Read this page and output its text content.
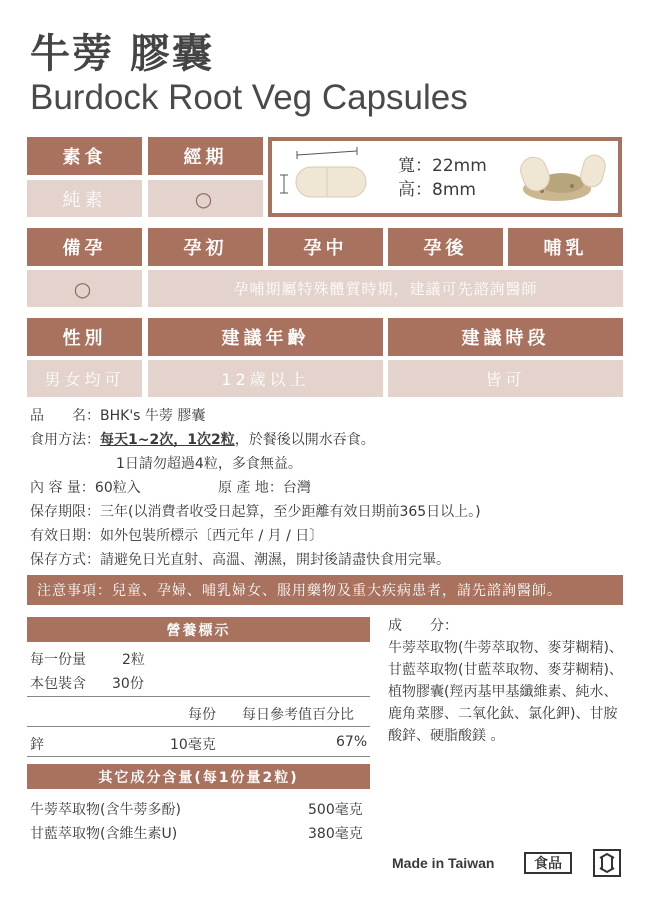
牛蒡 膠囊
Burdock Root Veg Capsules
素食
純素
經期
○
寬：22mm
高：8mm
備孕	孕初	孕中	孕後	哺乳
○	孕哺期屬特殊體質時期，建議可先諮詢醫師
性別	建議年齡	建議時段
男女均可	12歲以上	皆可
品　　名：BHK's 牛蒡 膠囊
食用方法：每天1~2次，1次2粒，於餐後以開水吞食。
1日請勿超過4粒，多食無益。
內 容 量：60粒入	原 產 地：台灣
保存期限：三年(以消費者收受日起算，至少距離有效日期前365日以上。)
有效日期：如外包裝所標示〔西元年 / 月 / 日〕
保存方式：請避免日光直射、高溫、潮濕，開封後請盡快食用完畢。
注意事項：兒童、孕婦、哺乳婦女、服用藥物及重大疾病患者，請先諮詢醫師。
營養標示
每一份量	2粒
本包裝含 30份
每份 每日參考值百分比
鋅	10毫克	67%
其它成分含量(每1份量2粒)
牛蒡萃取物(含牛蒡多酚)	500毫克
甘藍萃取物(含維生素U)	380毫克
成　　分：
牛蒡萃取物(牛蒡萃取物、麥芽糊精)、甘藍萃取物(甘藍萃取物、麥芽糊精)、植物膠囊(羥丙基甲基纖維素、純水、鹿角菜膠、二氧化鈦、氯化鉀)、甘胺酸鋅、硬脂酸鎂 。
Made in Taiwan	食品
